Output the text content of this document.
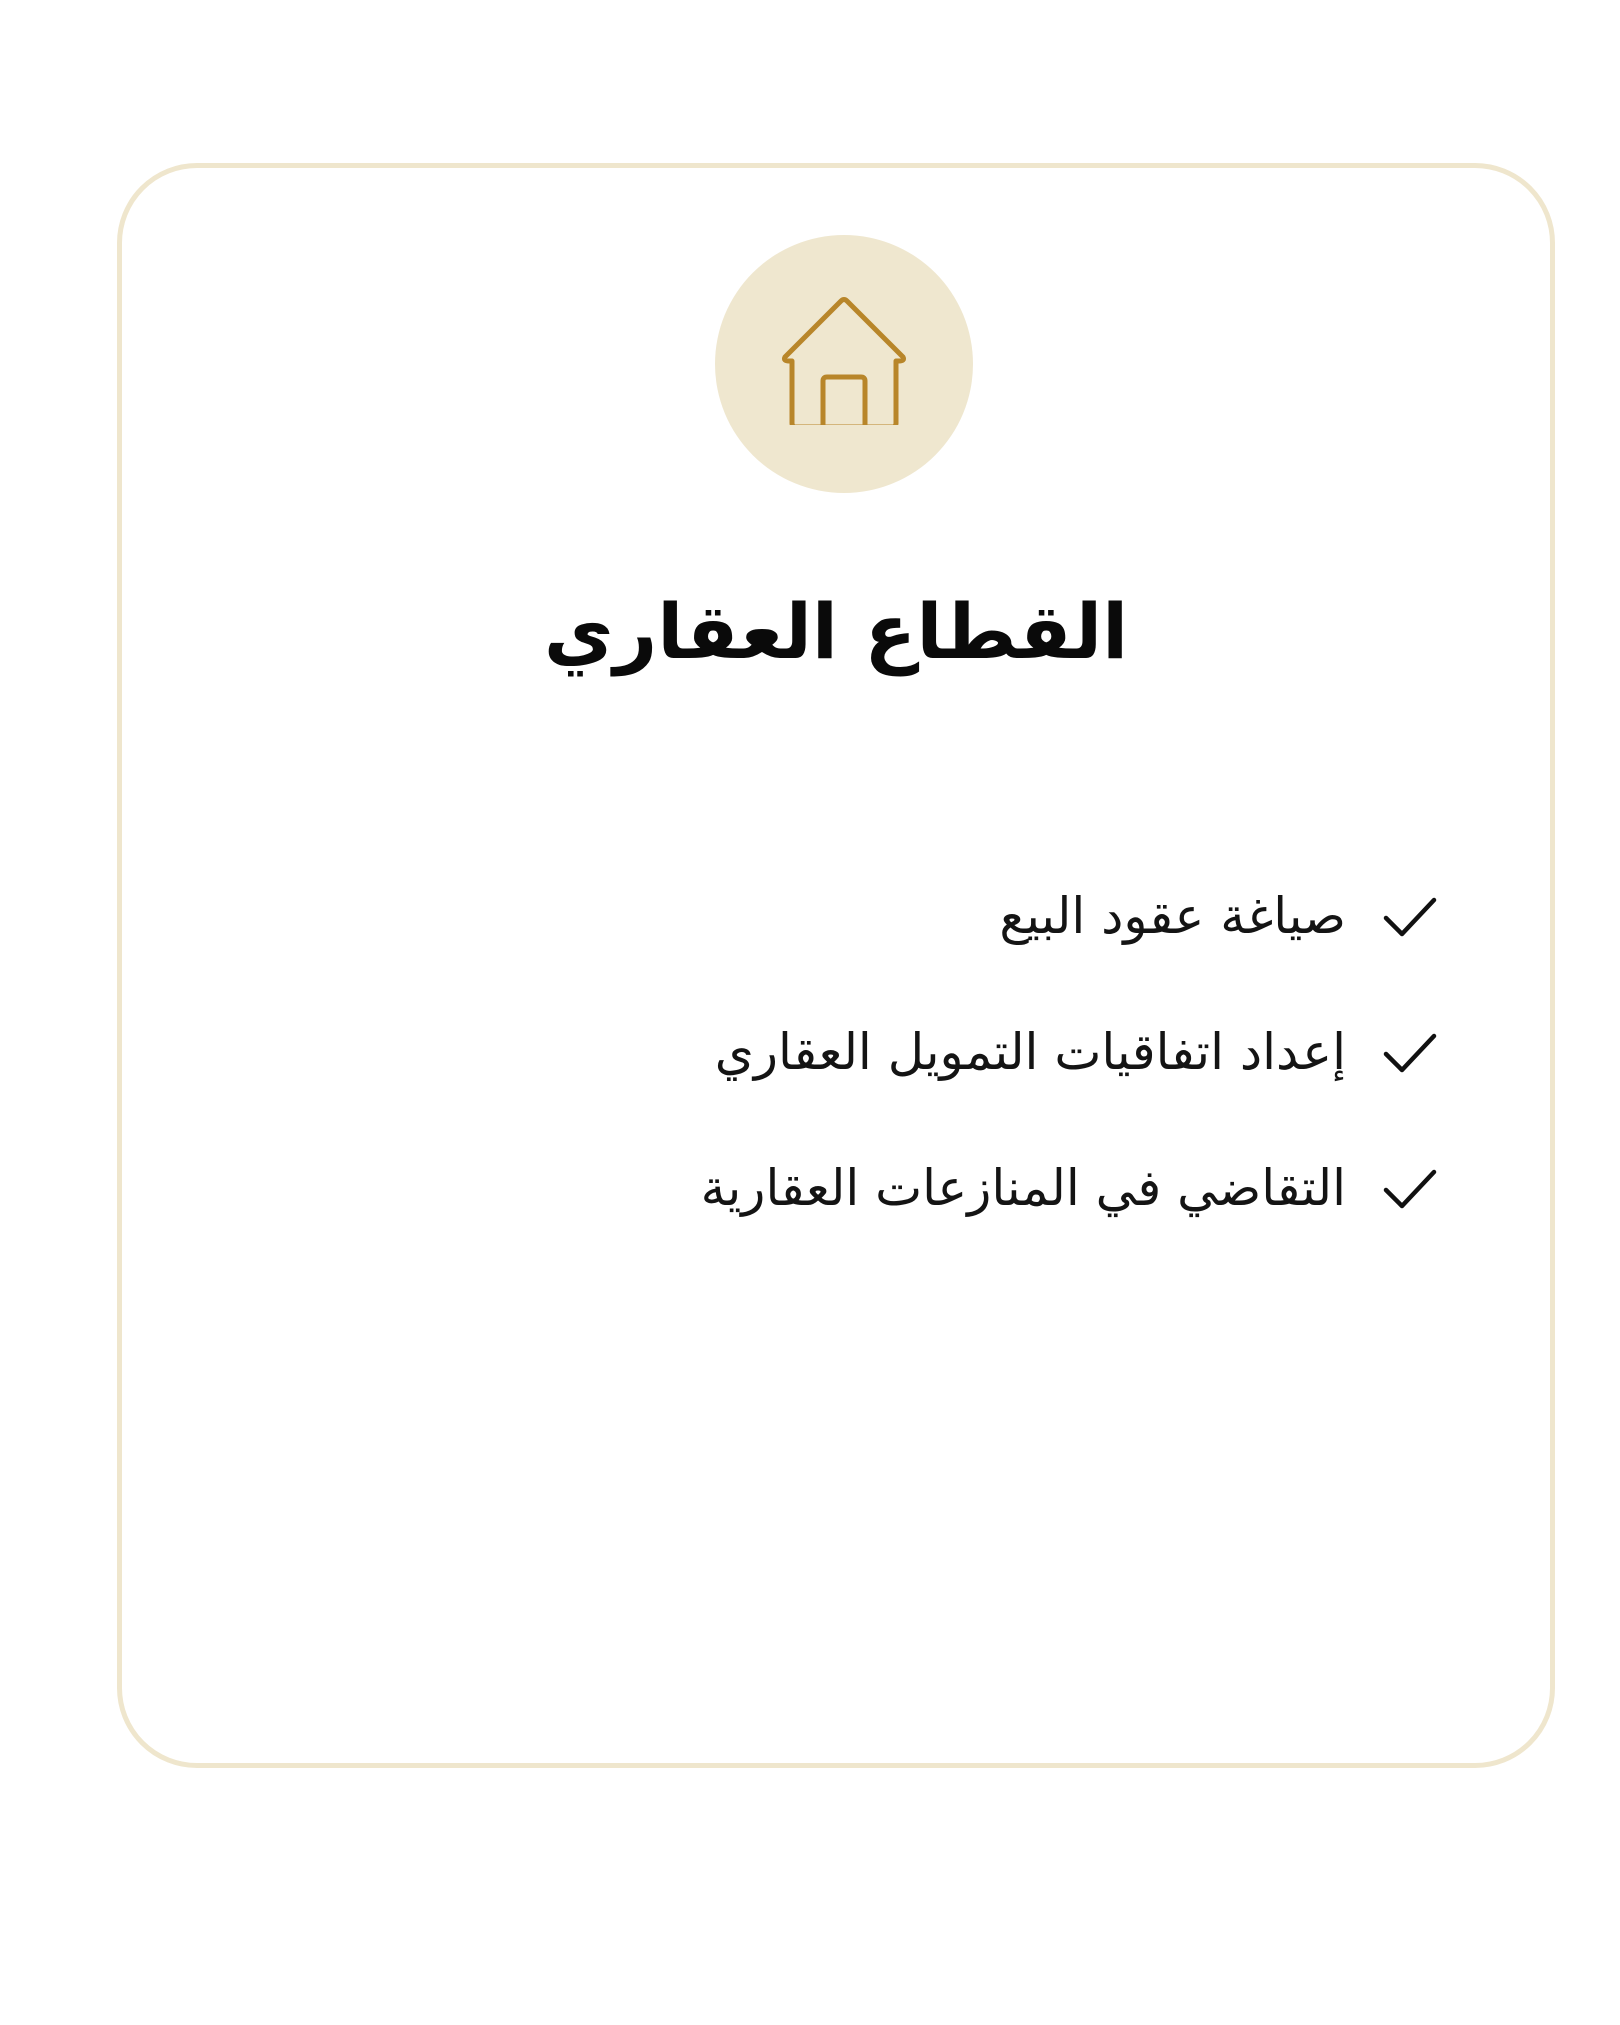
القطاع العقاري
صياغة عقود البيع
إعداد اتفاقيات التمويل العقاري
التقاضي في المنازعات العقارية
